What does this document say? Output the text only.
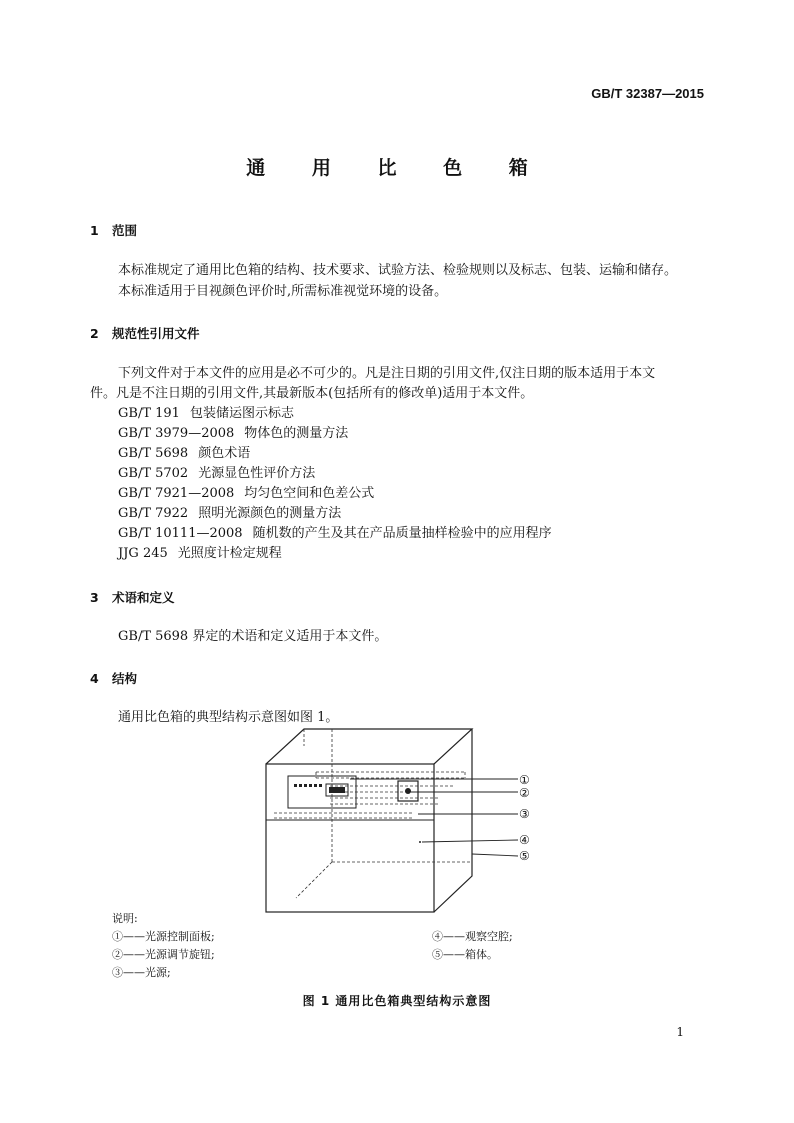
GB/T 32387—2015
通 用 比 色 箱
1 范围
本标准规定了通用比色箱的结构、技术要求、试验方法、检验规则以及标志、包装、运输和储存。
本标准适用于目视颜色评价时,所需标准视觉环境的设备。
2 规范性引用文件
下列文件对于本文件的应用是必不可少的。凡是注日期的引用文件,仅注日期的版本适用于本文
件。凡是不注日期的引用文件,其最新版本(包括所有的修改单)适用于本文件。
GB/T 191 包装储运图示标志
GB/T 3979—2008 物体色的测量方法
GB/T 5698 颜色术语
GB/T 5702 光源显色性评价方法
GB/T 7921—2008 均匀色空间和色差公式
GB/T 7922 照明光源颜色的测量方法
GB/T 10111—2008 随机数的产生及其在产品质量抽样检验中的应用程序
JJG 245 光照度计检定规程
3 术语和定义
GB/T 5698 界定的术语和定义适用于本文件。
4 结构
通用比色箱的典型结构示意图如图 1。
①
②
③
④
⑤
说明:
①——光源控制面板;
②——光源调节旋钮;
③——光源;
④——观察空腔;
⑤——箱体。
图 1 通用比色箱典型结构示意图
1
